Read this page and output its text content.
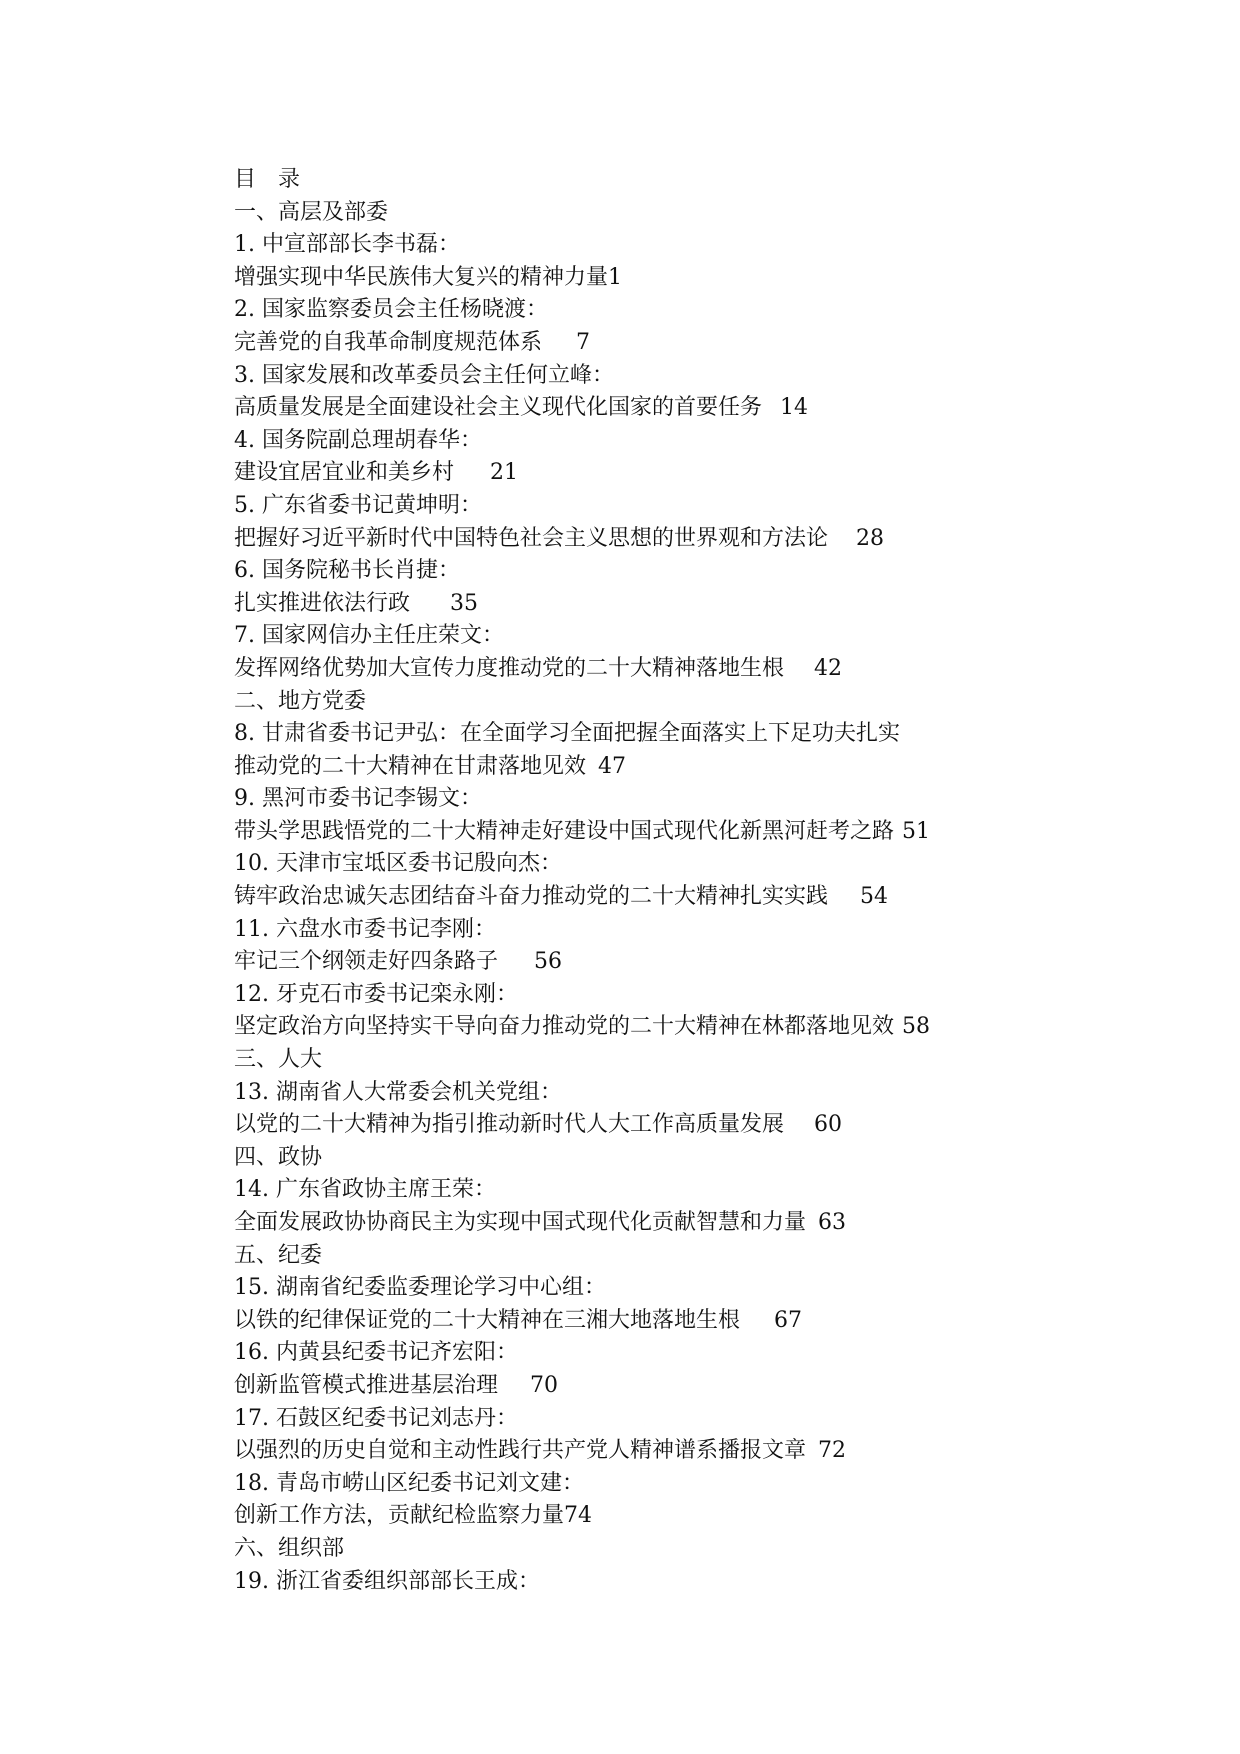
目　录
一、高层及部委
1. 中宣部部长李书磊：
增强实现中华民族伟大复兴的精神力量1
2. 国家监察委员会主任杨晓渡：
完善党的自我革命制度规范体系 7
3. 国家发展和改革委员会主任何立峰：
高质量发展是全面建设社会主义现代化国家的首要任务 14
4. 国务院副总理胡春华：
建设宜居宜业和美乡村 21
5. 广东省委书记黄坤明：
把握好习近平新时代中国特色社会主义思想的世界观和方法论 28
6. 国务院秘书长肖捷：
扎实推进依法行政 35
7. 国家网信办主任庄荣文：
发挥网络优势加大宣传力度推动党的二十大精神落地生根 42
二、地方党委
8. 甘肃省委书记尹弘：在全面学习全面把握全面落实上下足功夫扎实
推动党的二十大精神在甘肃落地见效 47
9. 黑河市委书记李锡文：
带头学思践悟党的二十大精神走好建设中国式现代化新黑河赶考之路 51
10. 天津市宝坻区委书记殷向杰：
铸牢政治忠诚矢志团结奋斗奋力推动党的二十大精神扎实实践 54
11. 六盘水市委书记李刚：
牢记三个纲领走好四条路子 56
12. 牙克石市委书记栾永刚：
坚定政治方向坚持实干导向奋力推动党的二十大精神在林都落地见效 58
三、人大
13. 湖南省人大常委会机关党组：
以党的二十大精神为指引推动新时代人大工作高质量发展 60
四、政协
14. 广东省政协主席王荣：
全面发展政协协商民主为实现中国式现代化贡献智慧和力量 63
五、纪委
15. 湖南省纪委监委理论学习中心组：
以铁的纪律保证党的二十大精神在三湘大地落地生根 67
16. 内黄县纪委书记齐宏阳：
创新监管模式推进基层治理 70
17. 石鼓区纪委书记刘志丹：
以强烈的历史自觉和主动性践行共产党人精神谱系播报文章 72
18. 青岛市崂山区纪委书记刘文建：
创新工作方法，贡献纪检监察力量74
六、组织部
19. 浙江省委组织部部长王成：
